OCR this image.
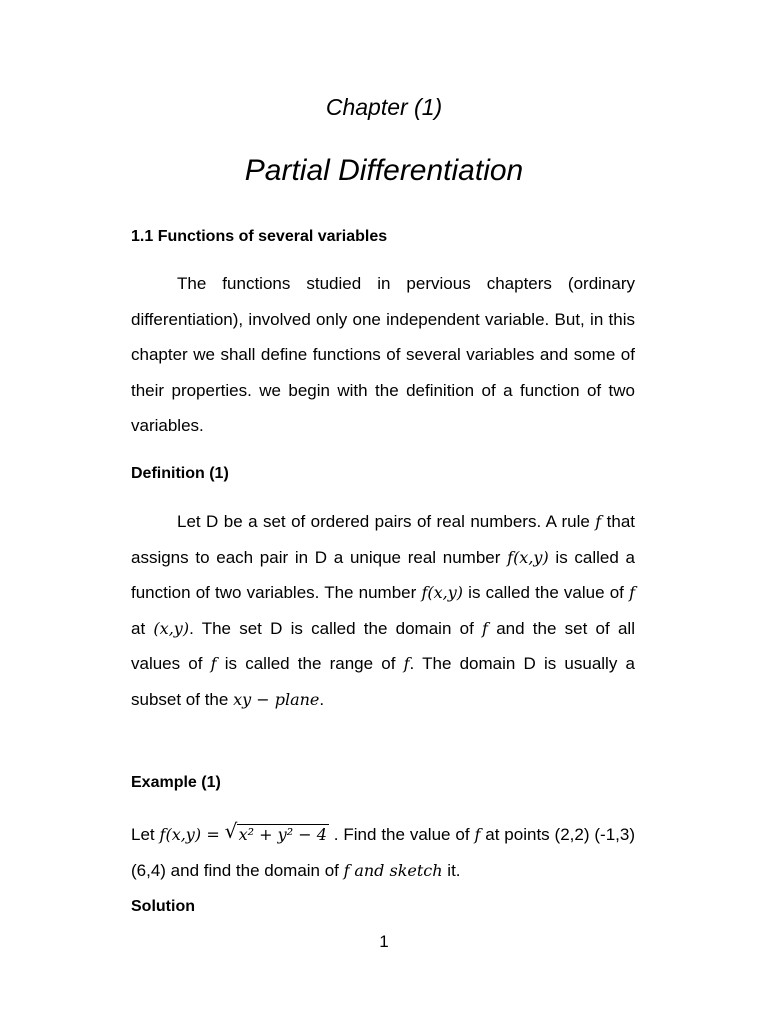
Chapter (1)
Partial Differentiation
1.1 Functions of several variables
The functions studied in pervious chapters (ordinary differentiation), involved only one independent variable. But, in this chapter we shall define functions of several variables and some of their properties. we begin with the definition of a function of two variables.
Definition (1)
Let D be a set of ordered pairs of real numbers. A rule f that assigns to each pair in D a unique real number f(x,y) is called a function of two variables. The number f(x,y) is called the value of f at (x,y). The set D is called the domain of f and the set of all values of f is called the range of f. The domain D is usually a subset of the xy − plane.
Example (1)
Let f(x,y) = √ x² + y² − 4 . Find the value of f at points (2,2) (-1,3) (6,4) and find the domain of f and sketch it.
Solution
1
